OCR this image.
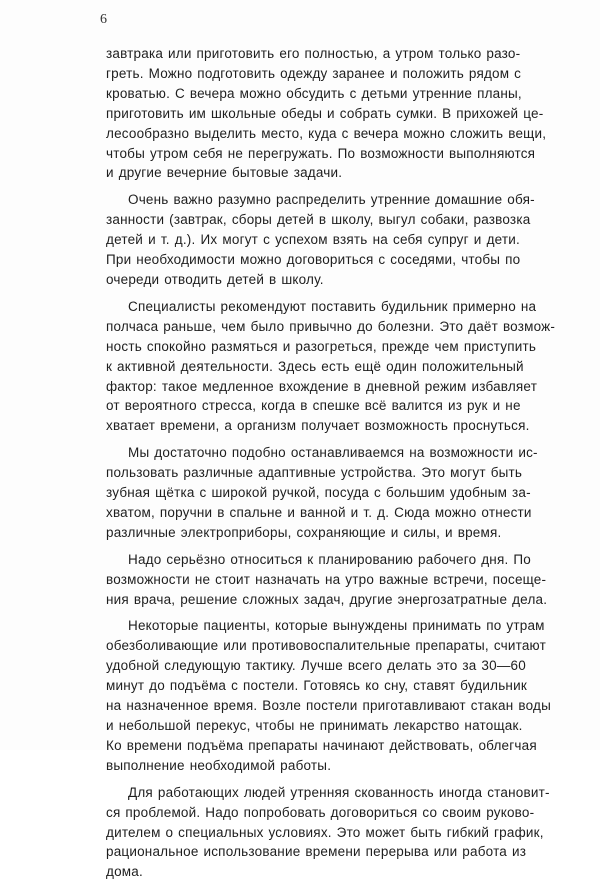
6

завтрака или приготовить его полностью, а утром только разо-
греть. Можно подготовить одежду заранее и положить рядом с
кроватью. С вечера можно обсудить с детьми утренние планы,
приготовить им школьные обеды и собрать сумки. В прихожей це-
лесообразно выделить место, куда с вечера можно сложить вещи,
чтобы утром себя не перегружать. По возможности выполняются
и другие вечерние бытовые задачи.

Очень важно разумно распределить утренние домашние обя-
занности (завтрак, сборы детей в школу, выгул собаки, развозка
детей и т. д.). Их могут с успехом взять на себя супруг и дети.
При необходимости можно договориться с соседями, чтобы по
очереди отводить детей в школу.

Специалисты рекомендуют поставить будильник примерно на
полчаса раньше, чем было привычно до болезни. Это даёт возмож-
ность спокойно размяться и разогреться, прежде чем приступить
к активной деятельности. Здесь есть ещё один положительный
фактор: такое медленное вхождение в дневной режим избавляет
от вероятного стресса, когда в спешке всё валится из рук и не
хватает времени, а организм получает возможность проснуться.

Мы достаточно подобно останавливаемся на возможности ис-
пользовать различные адаптивные устройства. Это могут быть
зубная щётка с широкой ручкой, посуда с большим удобным за-
хватом, поручни в спальне и ванной и т. д. Сюда можно отнести
различные электроприборы, сохраняющие и силы, и время.

Надо серьёзно относиться к планированию рабочего дня. По
возможности не стоит назначать на утро важные встречи, посеще-
ния врача, решение сложных задач, другие энергозатратные дела.

Некоторые пациенты, которые вынуждены принимать по утрам
обезболивающие или противовоспалительные препараты, считают
удобной следующую тактику. Лучше всего делать это за 30—60
минут до подъёма с постели. Готовясь ко сну, ставят будильник
на назначенное время. Возле постели приготавливают стакан воды
и небольшой перекус, чтобы не принимать лекарство натощак.
Ко времени подъёма препараты начинают действовать, облегчая
выполнение необходимой работы.

Для работающих людей утренняя скованность иногда становит-
ся проблемой. Надо попробовать договориться со своим руково-
дителем о специальных условиях. Это может быть гибкий график,
рациональное использование времени перерыва или работа из
дома.
